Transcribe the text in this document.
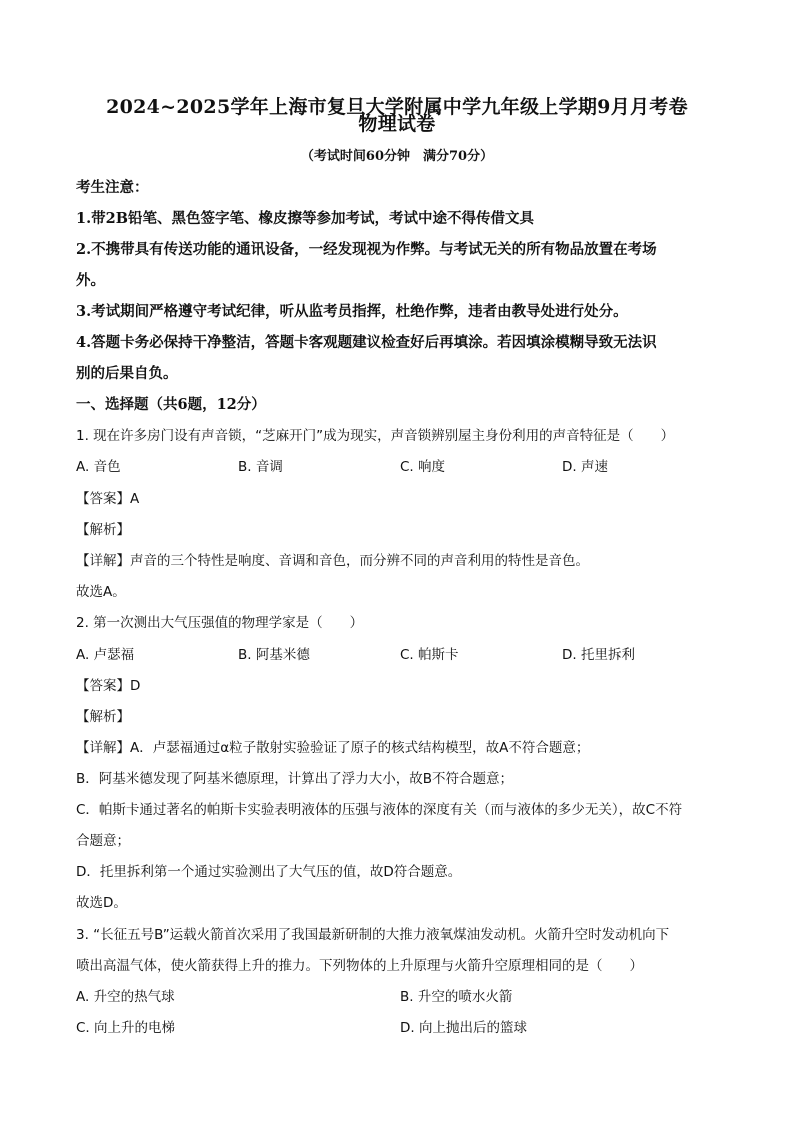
2024~2025学年上海市复旦大学附属中学九年级上学期9月月考卷
物理试卷
（考试时间60分钟　满分70分）
考生注意：
1.带2B铅笔、黑色签字笔、橡皮擦等参加考试，考试中途不得传借文具
2.不携带具有传送功能的通讯设备，一经发现视为作弊。与考试无关的所有物品放置在考场
外。
3.考试期间严格遵守考试纪律，听从监考员指挥，杜绝作弊，违者由教导处进行处分。
4.答题卡务必保持干净整洁，答题卡客观题建议检查好后再填涂。若因填涂模糊导致无法识
别的后果自负。
一、选择题（共6题，12分）
1. 现在许多房门设有声音锁，“芝麻开门”成为现实，声音锁辨别屋主身份利用的声音特征是（　　）
A. 音色	B. 音调	C. 响度	D. 声速
【答案】A
【解析】
【详解】声音的三个特性是响度、音调和音色，而分辨不同的声音利用的特性是音色。
故选A。
2. 第一次测出大气压强值的物理学家是（　　）
A. 卢瑟福	B. 阿基米德	C. 帕斯卡	D. 托里拆利
【答案】D
【解析】
【详解】A．卢瑟福通过α粒子散射实验验证了原子的核式结构模型，故A不符合题意；
B．阿基米德发现了阿基米德原理，计算出了浮力大小，故B不符合题意；
C．帕斯卡通过著名的帕斯卡实验表明液体的压强与液体的深度有关（而与液体的多少无关），故C不符
合题意；
D．托里拆利第一个通过实验测出了大气压的值，故D符合题意。
故选D。
3. “长征五号B”运载火箭首次采用了我国最新研制的大推力液氧煤油发动机。火箭升空时发动机向下
喷出高温气体，使火箭获得上升的推力。下列物体的上升原理与火箭升空原理相同的是（　　）
A. 升空的热气球	B. 升空的喷水火箭
C. 向上升的电梯	D. 向上抛出后的篮球
